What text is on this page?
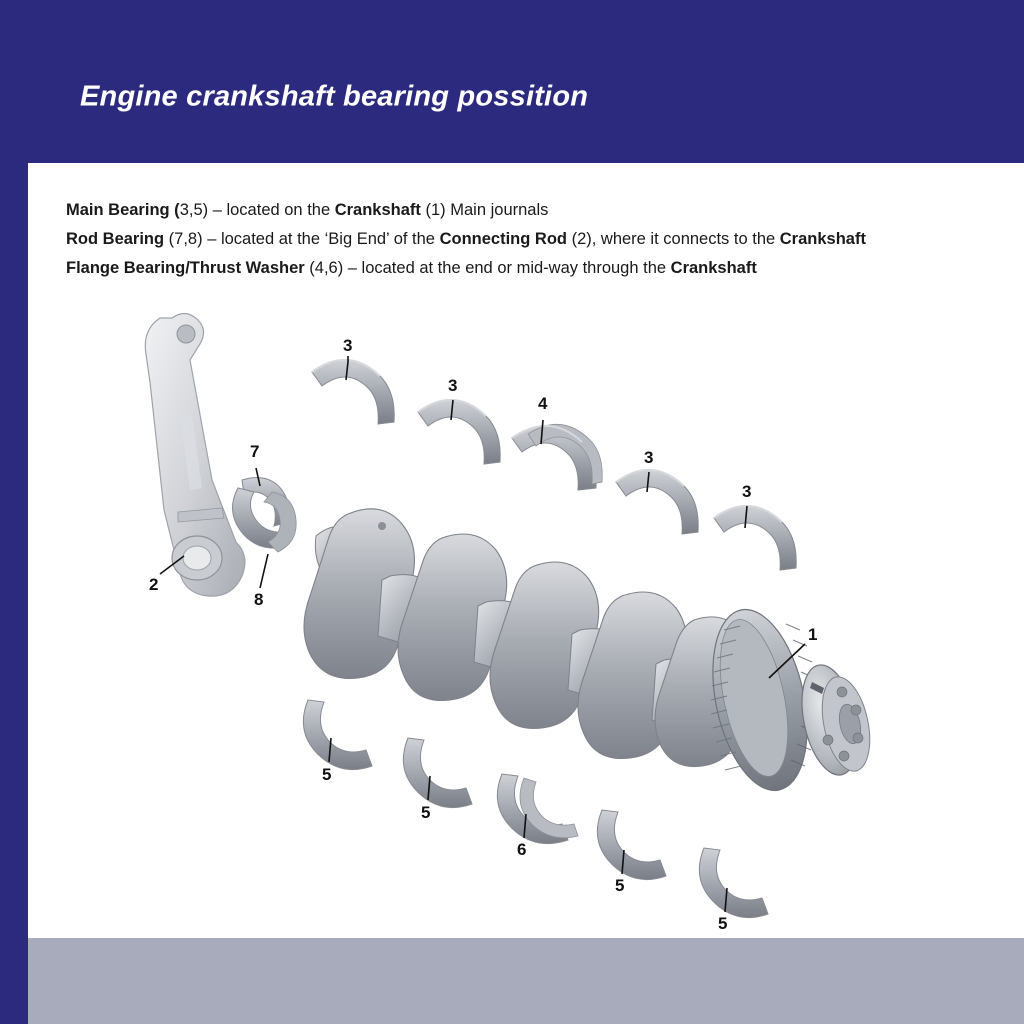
Engine crankshaft bearing possition
Main Bearing (3,5) – located on the Crankshaft (1) Main journals
Rod Bearing (7,8) – located at the ‘Big End’ of the Connecting Rod (2), where it connects to the Crankshaft
Flange Bearing/Thrust Washer (4,6) – located at the end or mid-way through the Crankshaft
3
3
4
3
3
7
2
8
1
5
5
6
5
5
